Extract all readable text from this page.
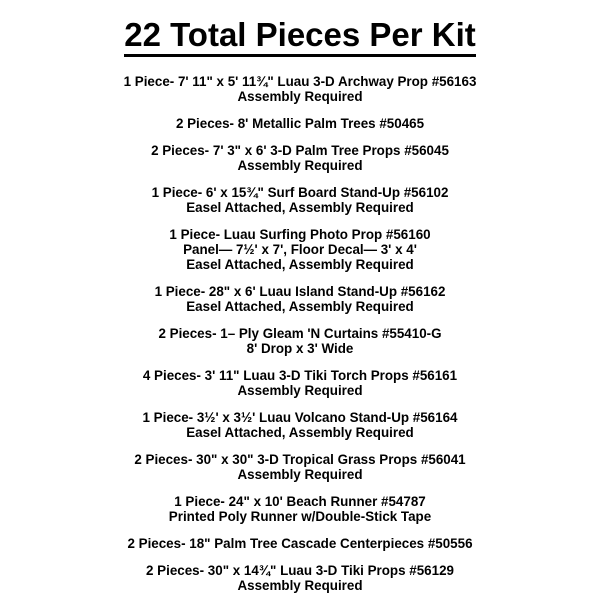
22 Total Pieces Per Kit
1 Piece- 7' 11" x 5' 11¾" Luau 3-D Archway Prop #56163
Assembly Required
2 Pieces- 8' Metallic Palm Trees #50465
2 Pieces- 7' 3" x 6' 3-D Palm Tree Props #56045
Assembly Required
1 Piece- 6' x 15¾" Surf Board Stand-Up #56102
Easel Attached, Assembly Required
1 Piece- Luau Surfing Photo Prop #56160
Panel— 7½' x 7', Floor Decal— 3' x 4'
Easel Attached, Assembly Required
1 Piece- 28" x 6' Luau Island Stand-Up #56162
Easel Attached, Assembly Required
2 Pieces- 1– Ply Gleam 'N Curtains #55410-G
8' Drop x 3' Wide
4 Pieces- 3' 11" Luau 3-D Tiki Torch Props #56161
Assembly Required
1 Piece- 3½' x 3½' Luau Volcano Stand-Up #56164
Easel Attached, Assembly Required
2 Pieces- 30" x 30" 3-D Tropical Grass Props #56041
Assembly Required
1 Piece- 24" x 10' Beach Runner #54787
Printed Poly Runner w/Double-Stick Tape
2 Pieces- 18" Palm Tree Cascade Centerpieces #50556
2 Pieces- 30" x 14¾" Luau 3-D Tiki Props #56129
Assembly Required
